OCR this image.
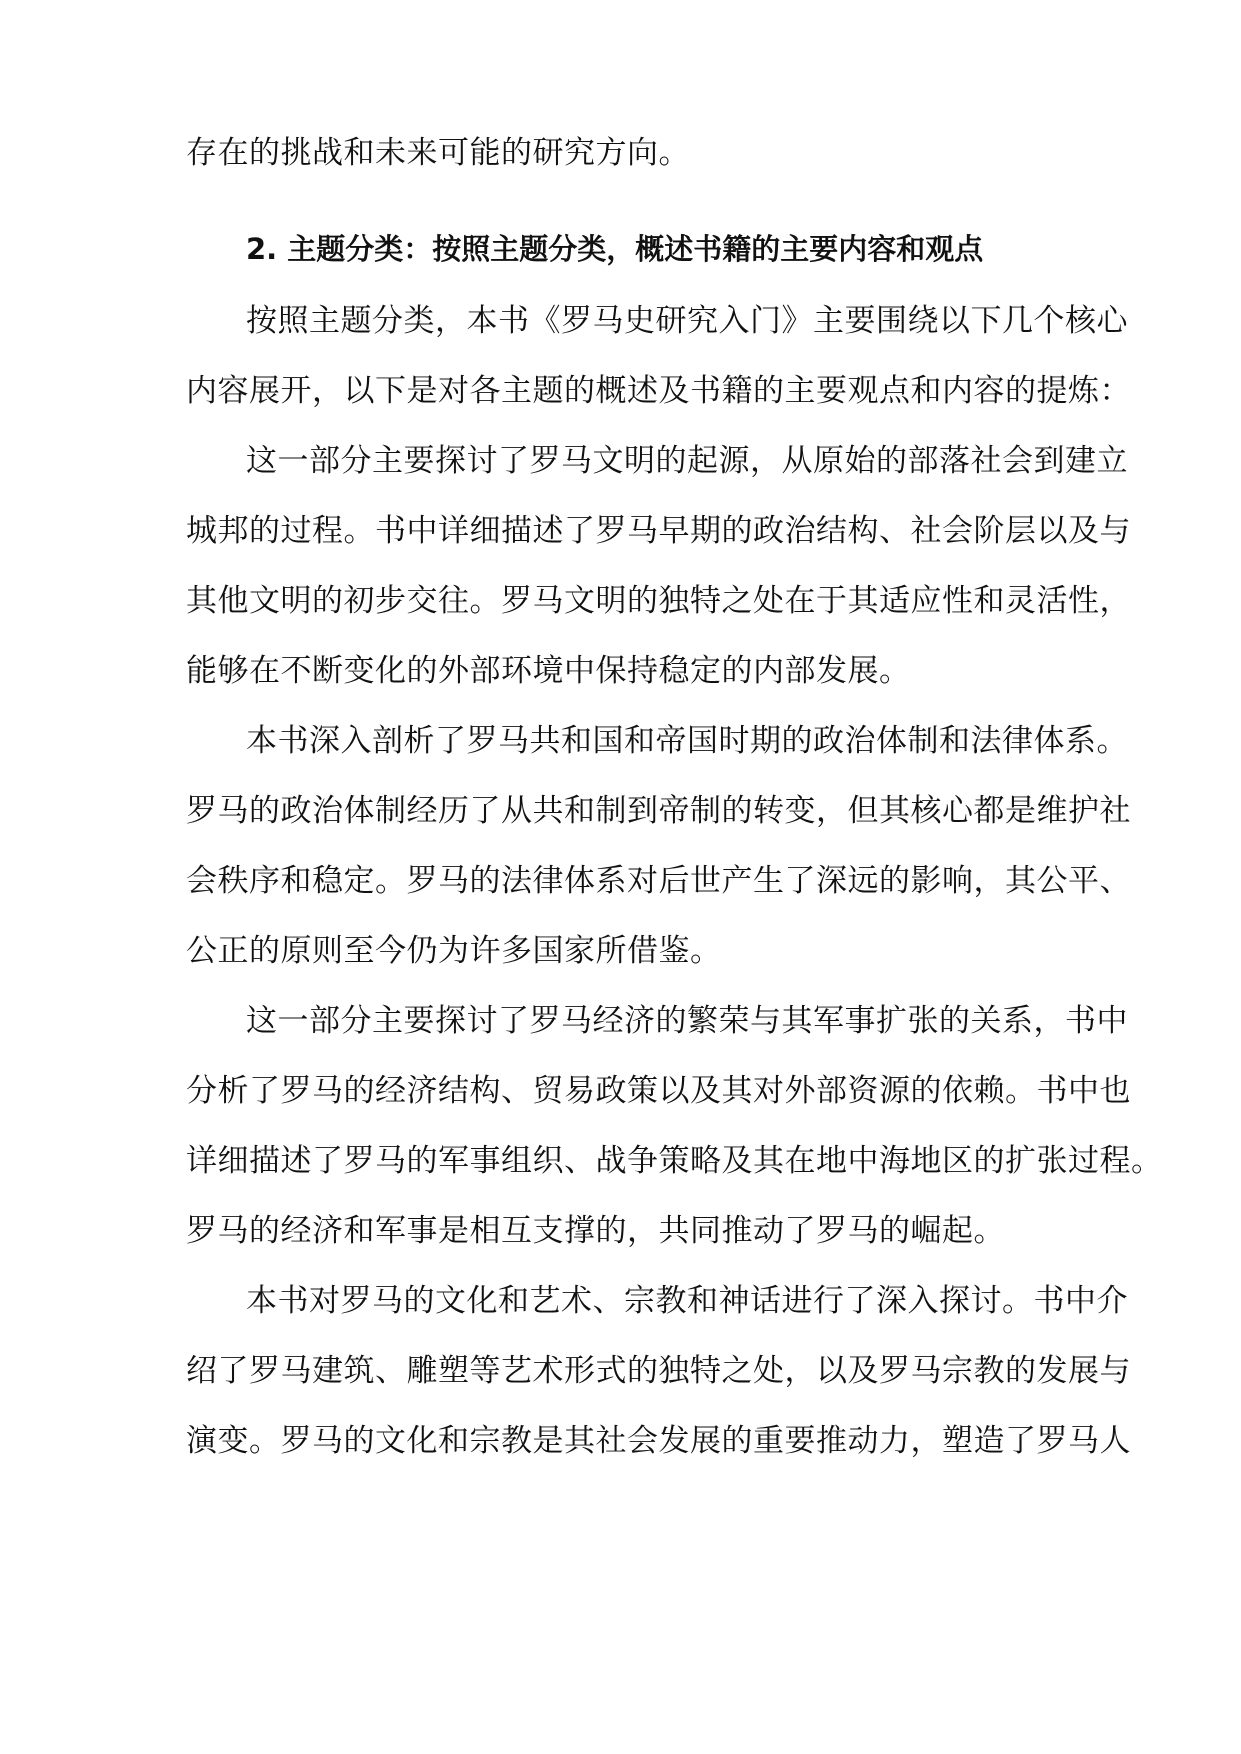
存在的挑战和未来可能的研究方向。
2. 主题分类：按照主题分类，概述书籍的主要内容和观点
按照主题分类，本书《罗马史研究入门》主要围绕以下几个核心
内容展开，以下是对各主题的概述及书籍的主要观点和内容的提炼：
这一部分主要探讨了罗马文明的起源，从原始的部落社会到建立
城邦的过程。书中详细描述了罗马早期的政治结构、社会阶层以及与
其他文明的初步交往。罗马文明的独特之处在于其适应性和灵活性，
能够在不断变化的外部环境中保持稳定的内部发展。
本书深入剖析了罗马共和国和帝国时期的政治体制和法律体系。
罗马的政治体制经历了从共和制到帝制的转变，但其核心都是维护社
会秩序和稳定。罗马的法律体系对后世产生了深远的影响，其公平、
公正的原则至今仍为许多国家所借鉴。
这一部分主要探讨了罗马经济的繁荣与其军事扩张的关系，书中
分析了罗马的经济结构、贸易政策以及其对外部资源的依赖。书中也
详细描述了罗马的军事组织、战争策略及其在地中海地区的扩张过程。
罗马的经济和军事是相互支撑的，共同推动了罗马的崛起。
本书对罗马的文化和艺术、宗教和神话进行了深入探讨。书中介
绍了罗马建筑、雕塑等艺术形式的独特之处，以及罗马宗教的发展与
演变。罗马的文化和宗教是其社会发展的重要推动力，塑造了罗马人
